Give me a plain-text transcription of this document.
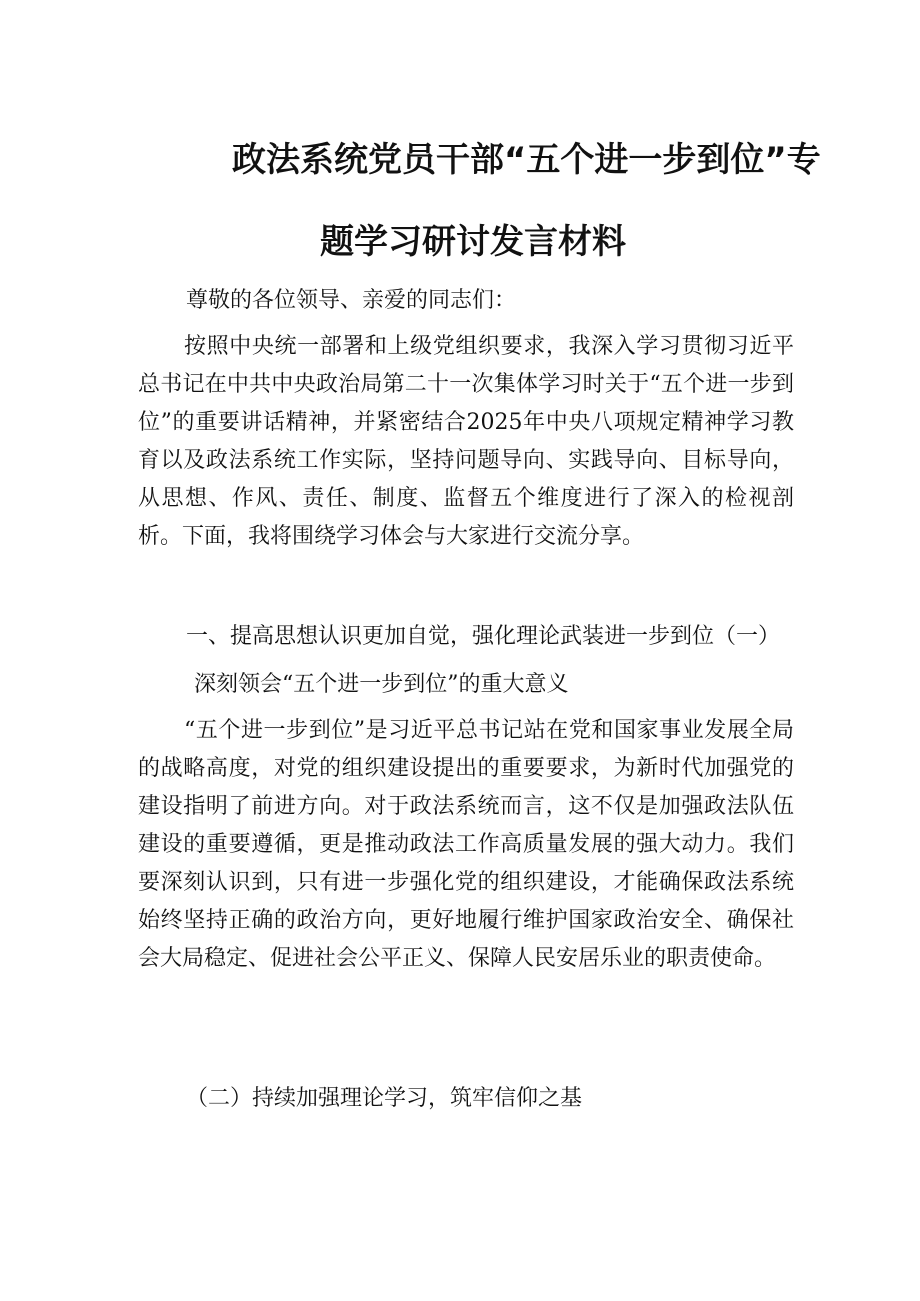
政法系统党员干部“五个进一步到位”专
题学习研讨发言材料

尊敬的各位领导、亲爱的同志们：

按照中央统一部署和上级党组织要求，我深入学习贯彻习近平总书记在中共中央政治局第二十一次集体学习时关于“五个进一步到位”的重要讲话精神，并紧密结合2025年中央八项规定精神学习教育以及政法系统工作实际，坚持问题导向、实践导向、目标导向，从思想、作风、责任、制度、监督五个维度进行了深入的检视剖析。下面，我将围绕学习体会与大家进行交流分享。

一、提高思想认识更加自觉，强化理论武装进一步到位（一）

深刻领会“五个进一步到位”的重大意义

“五个进一步到位”是习近平总书记站在党和国家事业发展全局的战略高度，对党的组织建设提出的重要要求，为新时代加强党的建设指明了前进方向。对于政法系统而言，这不仅是加强政法队伍建设的重要遵循，更是推动政法工作高质量发展的强大动力。我们要深刻认识到，只有进一步强化党的组织建设，才能确保政法系统始终坚持正确的政治方向，更好地履行维护国家政治安全、确保社会大局稳定、促进社会公平正义、保障人民安居乐业的职责使命。

（二）持续加强理论学习，筑牢信仰之基
